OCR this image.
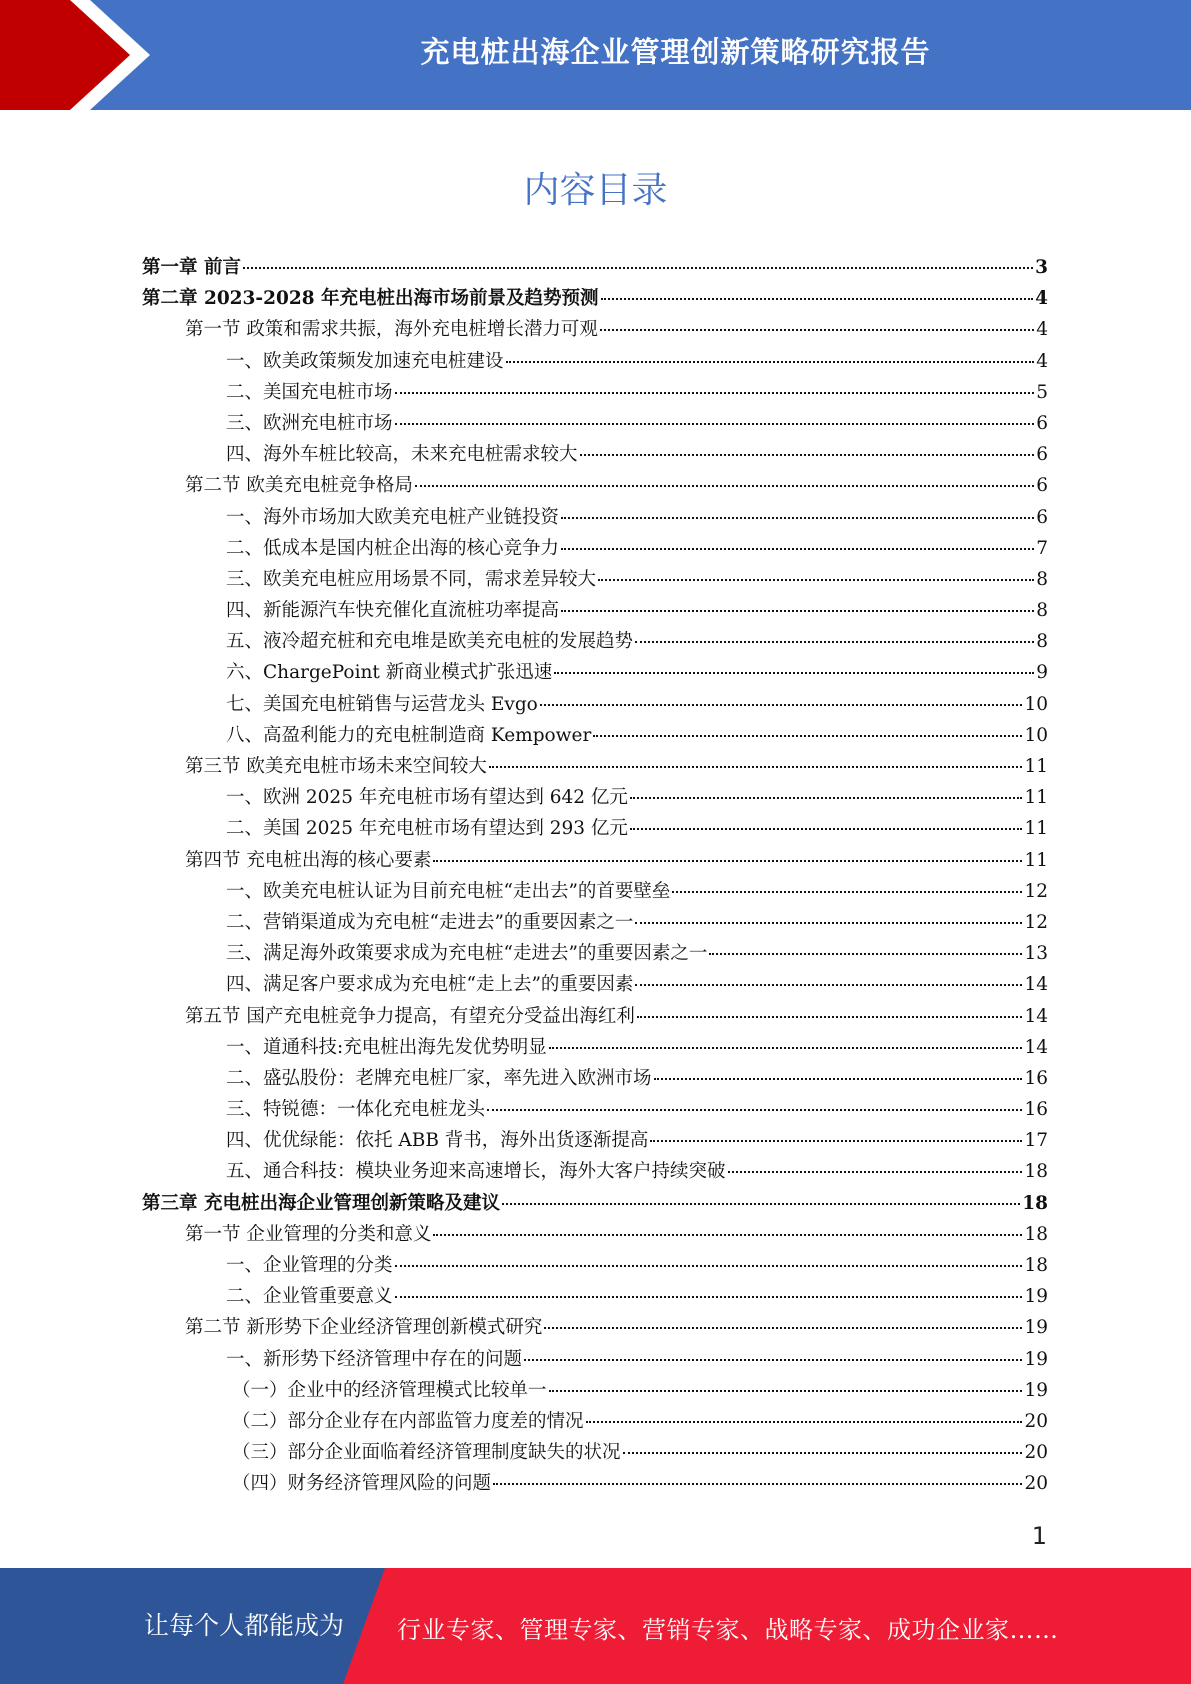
充电桩出海企业管理创新策略研究报告
内容目录
第一章 前言	3
第二章 2023-2028 年充电桩出海市场前景及趋势预测	4
第一节 政策和需求共振，海外充电桩增长潜力可观	4
一、欧美政策频发加速充电桩建设	4
二、美国充电桩市场	5
三、欧洲充电桩市场	6
四、海外车桩比较高，未来充电桩需求较大	6
第二节 欧美充电桩竞争格局	6
一、海外市场加大欧美充电桩产业链投资	6
二、低成本是国内桩企出海的核心竞争力	7
三、欧美充电桩应用场景不同，需求差异较大	8
四、新能源汽车快充催化直流桩功率提高	8
五、液冷超充桩和充电堆是欧美充电桩的发展趋势	8
六、ChargePoint 新商业模式扩张迅速	9
七、美国充电桩销售与运营龙头 Evgo	10
八、高盈利能力的充电桩制造商 Kempower	10
第三节 欧美充电桩市场未来空间较大	11
一、欧洲 2025 年充电桩市场有望达到 642 亿元	11
二、美国 2025 年充电桩市场有望达到 293 亿元	11
第四节 充电桩出海的核心要素	11
一、欧美充电桩认证为目前充电桩“走出去”的首要壁垒	12
二、营销渠道成为充电桩“走进去”的重要因素之一	12
三、满足海外政策要求成为充电桩“走进去”的重要因素之一	13
四、满足客户要求成为充电桩“走上去”的重要因素	14
第五节 国产充电桩竞争力提高，有望充分受益出海红利	14
一、道通科技:充电桩出海先发优势明显	14
二、盛弘股份：老牌充电桩厂家，率先进入欧洲市场	16
三、特锐德：一体化充电桩龙头	16
四、优优绿能：依托 ABB 背书，海外出货逐渐提高	17
五、通合科技：模块业务迎来高速增长，海外大客户持续突破	18
第三章 充电桩出海企业管理创新策略及建议	18
第一节 企业管理的分类和意义	18
一、企业管理的分类	18
二、企业管重要意义	19
第二节 新形势下企业经济管理创新模式研究	19
一、新形势下经济管理中存在的问题	19
（一）企业中的经济管理模式比较单一	19
（二）部分企业存在内部监管力度差的情况	20
（三）部分企业面临着经济管理制度缺失的状况	20
（四）财务经济管理风险的问题	20
1
让每个人都能成为 行业专家、管理专家、营销专家、战略专家、成功企业家……
